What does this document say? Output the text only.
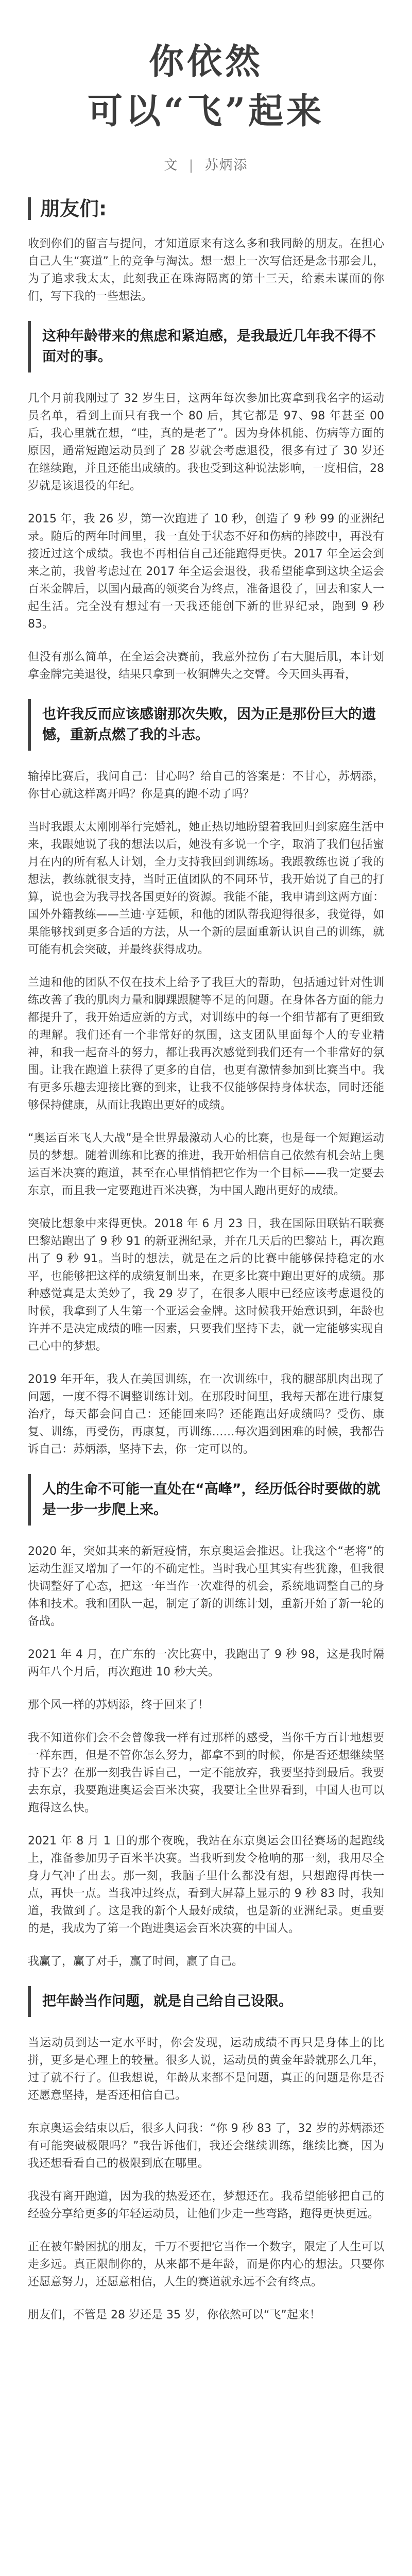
你依然
可以“飞”起来
文 | 苏炳添
朋友们:
收到你们的留言与提问，才知道原来有这么多和我同龄的朋友。在担心自己人生“赛道”上的竞争与淘汰。想一想上一次写信还是念书那会儿，为了追求我太太，此刻我正在珠海隔离的第十三天，给素未谋面的你们，写下我的一些想法。
这种年龄带来的焦虑和紧迫感，是我最近几年我不得不面对的事。
几个月前我刚过了 32 岁生日，这两年每次参加比赛拿到我名字的运动员名单，看到上面只有我一个 80 后，其它都是 97、98 年甚至 00 后，我心里就在想，“哇，真的是老了”。因为身体机能、伤病等方面的原因，通常短跑运动员到了 28 岁就会考虑退役，很多有过了 30 岁还在继续跑，并且还能出成绩的。我也受到这种说法影响，一度相信，28 岁就是该退役的年纪。
2015 年，我 26 岁，第一次跑进了 10 秒，创造了 9 秒 99 的亚洲纪录。随后的两年时间里，我一直处于状态不好和伤病的摔跤中，再没有接近过这个成绩。我也不再相信自己还能跑得更快。2017 年全运会到来之前，我曾考虑过在 2017 年全运会退役，我希望能拿到这块全运会百米金牌后，以国内最高的领奖台为终点，准备退役了，回去和家人一起生活。完全没有想过有一天我还能创下新的世界纪录，跑到 9 秒 83。
但没有那么简单，在全运会决赛前，我意外拉伤了右大腿后肌，本计划拿金牌完美退役，结果只拿到一枚铜牌失之交臂。今天回头再看，
也许我反而应该感谢那次失败，因为正是那份巨大的遗憾，重新点燃了我的斗志。
输掉比赛后，我问自己：甘心吗？给自己的答案是：不甘心，苏炳添，你甘心就这样离开吗？你是真的跑不动了吗？
当时我跟太太刚刚举行完婚礼，她正热切地盼望着我回归到家庭生活中来，我跟她说了我的想法以后，她没有多说一个字，取消了我们包括蜜月在内的所有私人计划，全力支持我回到训练场。我跟教练也说了我的想法，教练就很支持，当时正值团队的不同环节，我开始说了自己的打算，说也会为我寻找各国更好的资源。我能不能，我申请到这两方面：国外外籍教练——兰迪·亨廷顿，和他的团队帮我迎得很多，我觉得，如果能够找到更多合适的方法，从一个新的层面重新认识自己的训练，就可能有机会突破，并最终获得成功。
兰迪和他的团队不仅在技术上给予了我巨大的帮助，包括通过针对性训练改善了我的肌肉力量和脚踝跟腱等不足的问题。在身体各方面的能力都提升了，我开始适应新的方式，对训练中的每一个细节都有了更细致的理解。我们还有一个非常好的氛围，这支团队里面每个人的专业精神，和我一起奋斗的努力，都让我再次感觉到我们还有一个非常好的氛围。让我在跑道上获得了更多的自信，也更有激情参加到比赛当中。我有更多乐趣去迎接比赛的到来，让我不仅能够保持身体状态，同时还能够保持健康，从而让我跑出更好的成绩。
“奥运百米飞人大战”是全世界最激动人心的比赛，也是每一个短跑运动员的梦想。随着训练和比赛的推进，我开始相信自己依然有机会站上奥运百米决赛的跑道，甚至在心里悄悄把它作为一个目标——我一定要去东京，而且我一定要跑进百米决赛，为中国人跑出更好的成绩。
突破比想象中来得更快。2018 年 6 月 23 日，我在国际田联钻石联赛巴黎站跑出了 9 秒 91 的新亚洲纪录，并在几天后的巴黎站上，再次跑出了 9 秒 91。当时的想法，就是在之后的比赛中能够保持稳定的水平，也能够把这样的成绩复制出来，在更多比赛中跑出更好的成绩。那种感觉真是太美妙了，我 29 岁了，在很多人眼中已经应该考虑退役的时候，我拿到了人生第一个亚运会金牌。这时候我开始意识到，年龄也许并不是决定成绩的唯一因素，只要我们坚持下去，就一定能够实现自己心中的梦想。
2019 年开年，我人在美国训练，在一次训练中，我的腿部肌肉出现了问题，一度不得不调整训练计划。在那段时间里，我每天都在进行康复治疗，每天都会问自己：还能回来吗？还能跑出好成绩吗？受伤、康复、训练，再受伤，再康复，再训练……每次遇到困难的时候，我都告诉自己：苏炳添，坚持下去，你一定可以的。
人的生命不可能一直处在“高峰”，经历低谷时要做的就是一步一步爬上来。
2020 年，突如其来的新冠疫情，东京奥运会推迟。让我这个“老将”的运动生涯又增加了一年的不确定性。当时我心里其实有些犹豫，但我很快调整好了心态，把这一年当作一次难得的机会，系统地调整自己的身体和技术。我和团队一起，制定了新的训练计划，重新开始了新一轮的备战。
2021 年 4 月，在广东的一次比赛中，我跑出了 9 秒 98，这是我时隔两年八个月后，再次跑进 10 秒大关。
那个风一样的苏炳添，终于回来了！
我不知道你们会不会曾像我一样有过那样的感受，当你千方百计地想要一样东西，但是不管你怎么努力，都拿不到的时候，你是否还想继续坚持下去？在那一刻我告诉自己，一定不能放弃，我要坚持到最后。我要去东京，我要跑进奥运会百米决赛，我要让全世界看到，中国人也可以跑得这么快。
2021 年 8 月 1 日的那个夜晚，我站在东京奥运会田径赛场的起跑线上，准备参加男子百米半决赛。当我听到发令枪响的那一刻，我用尽全身力气冲了出去。那一刻，我脑子里什么都没有想，只想跑得再快一点，再快一点。当我冲过终点，看到大屏幕上显示的 9 秒 83 时，我知道，我做到了。这是我的新个人最好成绩，也是新的亚洲纪录。更重要的是，我成为了第一个跑进奥运会百米决赛的中国人。
我赢了，赢了对手，赢了时间，赢了自己。
把年龄当作问题，就是自己给自己设限。
当运动员到达一定水平时，你会发现，运动成绩不再只是身体上的比拼，更多是心理上的较量。很多人说，运动员的黄金年龄就那么几年，过了就不行了。但我想说，年龄从来都不是问题，真正的问题是你是否还愿意坚持，是否还相信自己。
东京奥运会结束以后，很多人问我：“你 9 秒 83 了，32 岁的苏炳添还有可能突破极限吗？”我告诉他们，我还会继续训练，继续比赛，因为我还想看看自己的极限到底在哪里。
我没有离开跑道，因为我的热爱还在，梦想还在。我希望能够把自己的经验分享给更多的年轻运动员，让他们少走一些弯路，跑得更快更远。
正在被年龄困扰的朋友，千万不要把它当作一个数字，限定了人生可以走多远。真正限制你的，从来都不是年龄，而是你内心的想法。只要你还愿意努力，还愿意相信，人生的赛道就永远不会有终点。
朋友们，不管是 28 岁还是 35 岁，你依然可以“飞”起来！
